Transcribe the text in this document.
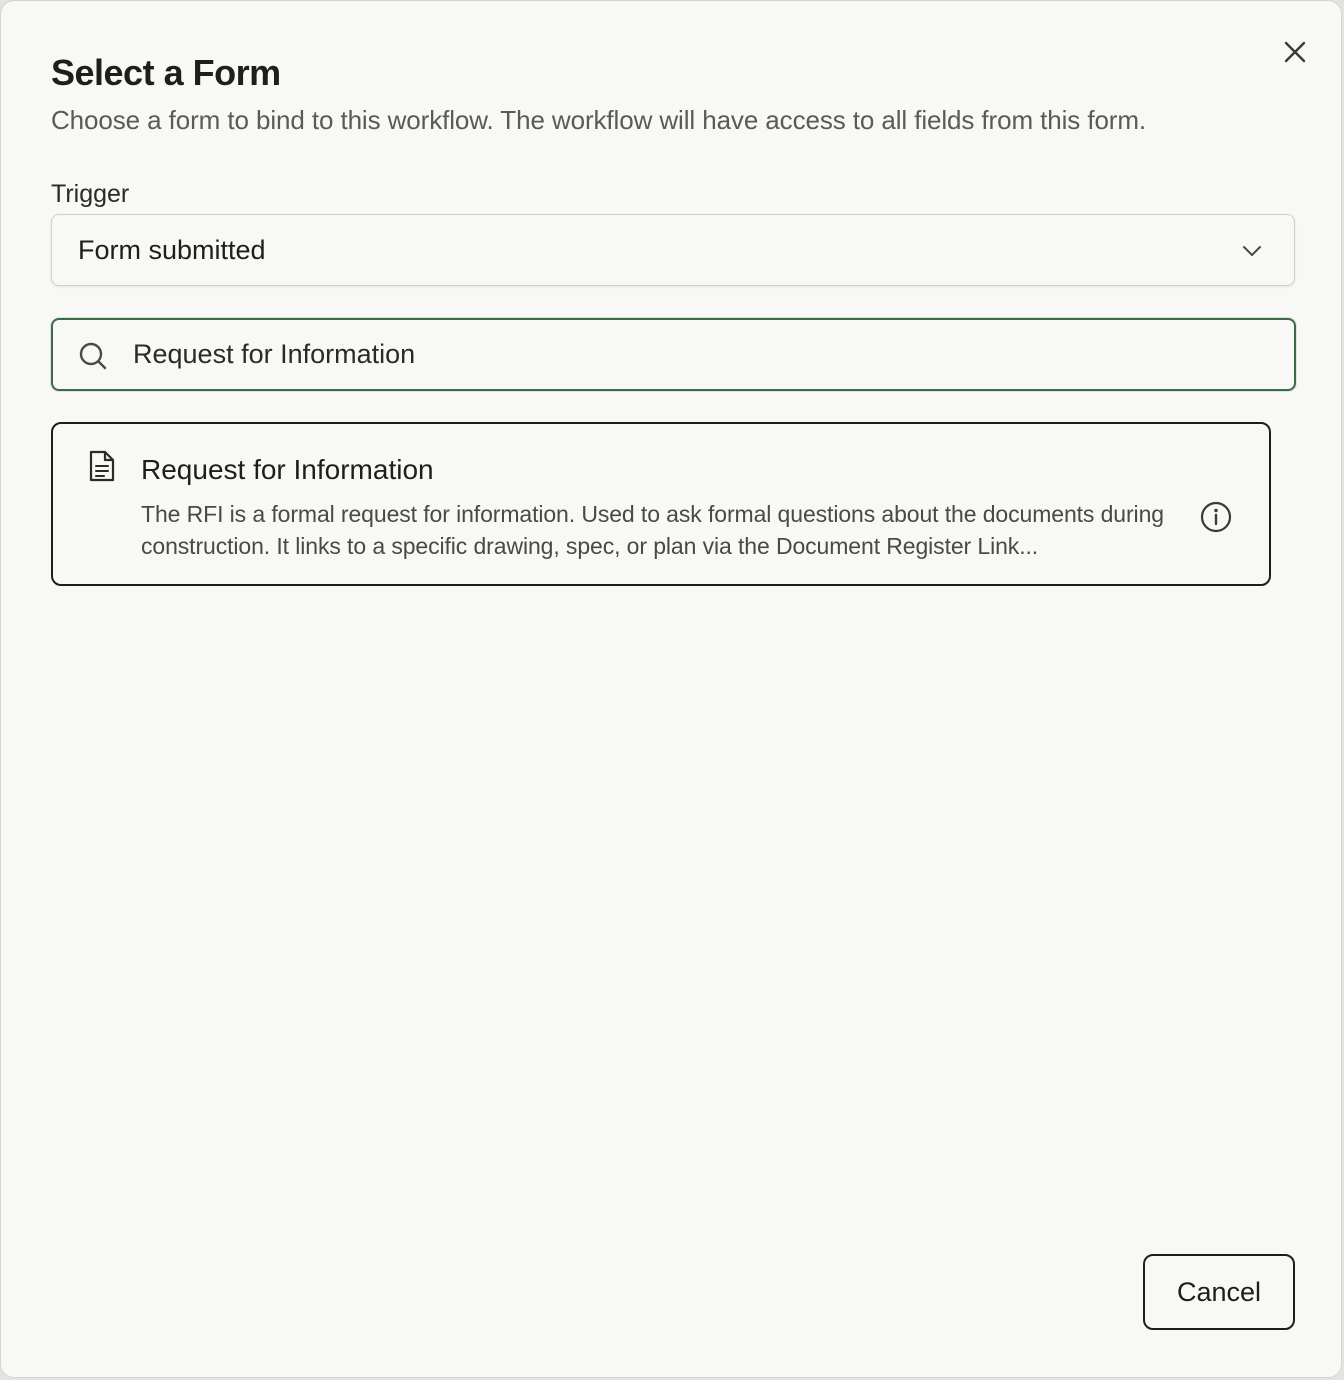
Select a Form

Choose a form to bind to this workflow. The workflow will have access to all fields from this form.

Trigger
Form submitted
Request for Information
Request for Information
The RFI is a formal request for information. Used to ask formal questions about the documents during construction. It links to a specific drawing, spec, or plan via the Document Register Link...
Cancel
